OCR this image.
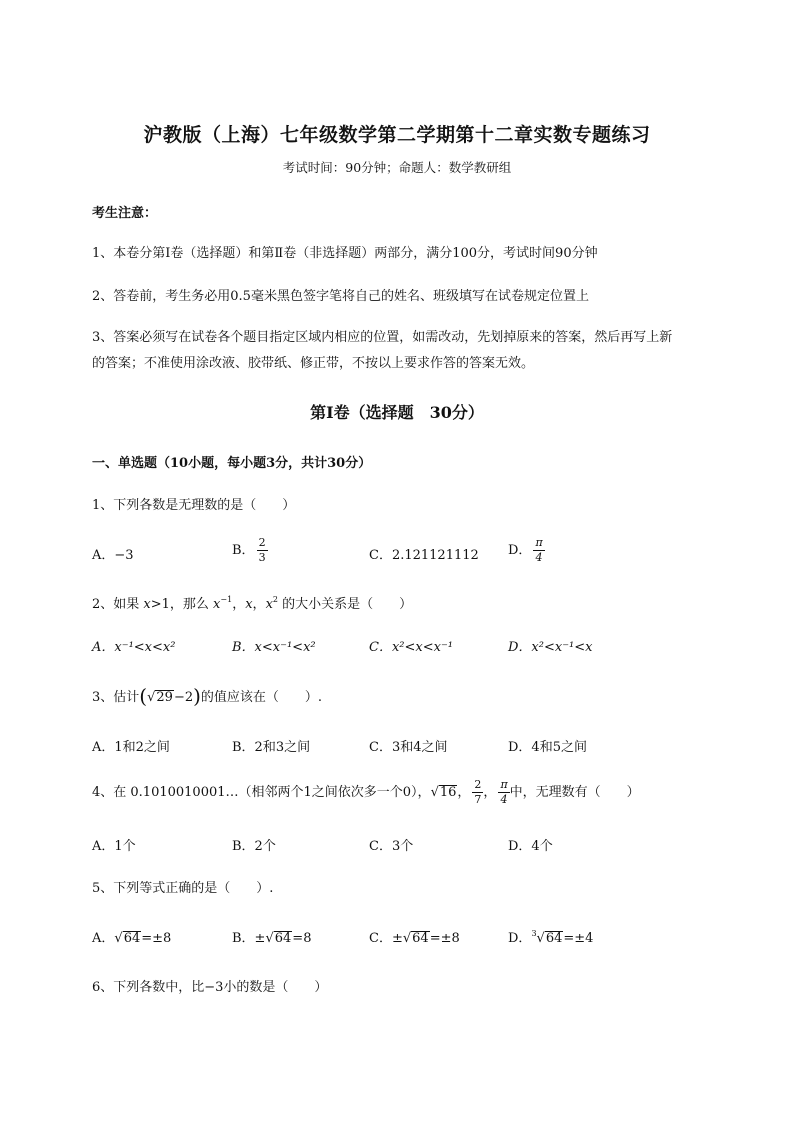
沪教版（上海）七年级数学第二学期第十二章实数专题练习
考试时间：90分钟；命题人：数学教研组
考生注意：
1、本卷分第I卷（选择题）和第Ⅱ卷（非选择题）两部分，满分100分，考试时间90分钟
2、答卷前，考生务必用0.5毫米黑色签字笔将自己的姓名、班级填写在试卷规定位置上
3、答案必须写在试卷各个题目指定区域内相应的位置，如需改动，先划掉原来的答案，然后再写上新
的答案；不准使用涂改液、胶带纸、修正带，不按以上要求作答的答案无效。
第I卷（选择题　30分）
一、单选题（10小题，每小题3分，共计30分）
1、下列各数是无理数的是（　　）
A．−3	B． $\frac{2}{3}$	C．2.121121112 D． $\frac{\pi}{4}$
2、如果 x>1，那么 $x^{-1}$，x，$x^2$ 的大小关系是（　　）
A．x⁻¹<x<x²	B．x<x⁻¹<x²	C．x²<x<x⁻¹	D．x²<x⁻¹<x
3、估计(√29−2)的值应该在（　　）.
A．1和2之间	B．2和3之间	C．3和4之间	D．4和5之间
4、在 0.1010010001…（相邻两个1之间依次多一个0），√16， $\frac{2}{7}$ ， $\frac{\pi}{4}$ 中，无理数有（　　）
A．1个	B．2个	C．3个	D．4个
5、下列等式正确的是（　　）.
A．√64=±8	B．±√64=8	C．±√64=±8	D．$^3$√64=±4
6、下列各数中，比−3小的数是（　　）
